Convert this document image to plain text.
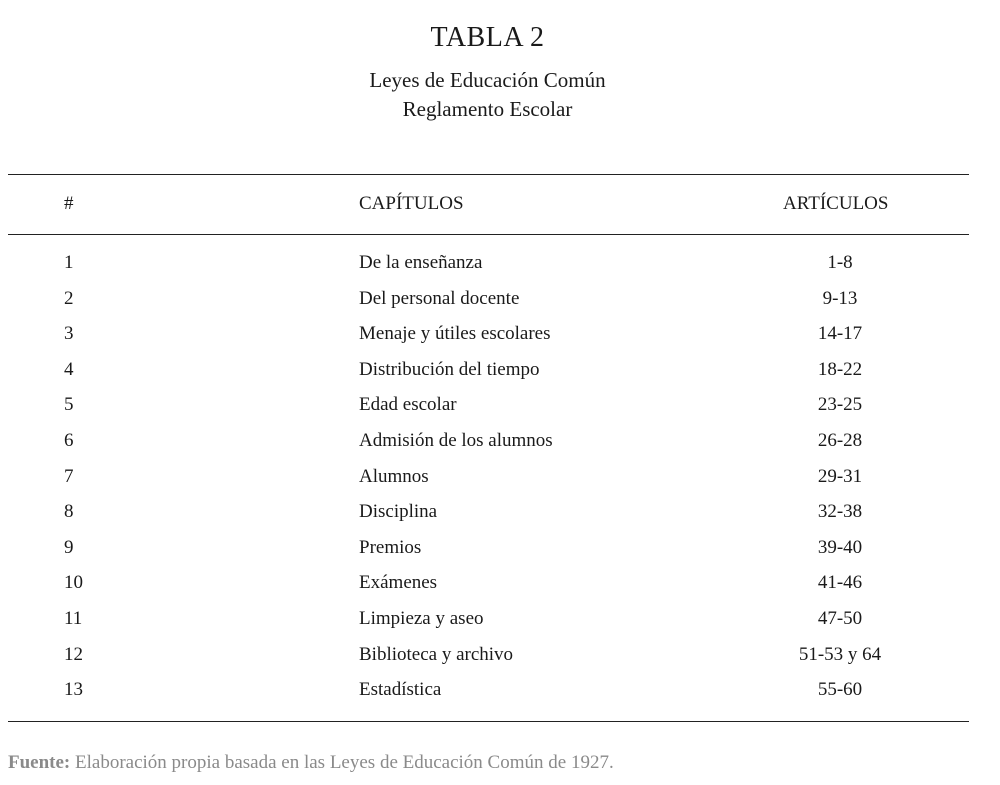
TABLA 2
Leyes de Educación Común
Reglamento Escolar
#	CAPÍTULOS	ARTÍCULOS
1	De la enseñanza	1-8
2	Del personal docente	9-13
3	Menaje y útiles escolares	14-17
4	Distribución del tiempo	18-22
5	Edad escolar	23-25
6	Admisión de los alumnos	26-28
7	Alumnos	29-31
8	Disciplina	32-38
9	Premios	39-40
10	Exámenes	41-46
11	Limpieza y aseo	47-50
12	Biblioteca y archivo	51-53 y 64
13	Estadística	55-60
Fuente: Elaboración propia basada en las Leyes de Educación Común de 1927.
